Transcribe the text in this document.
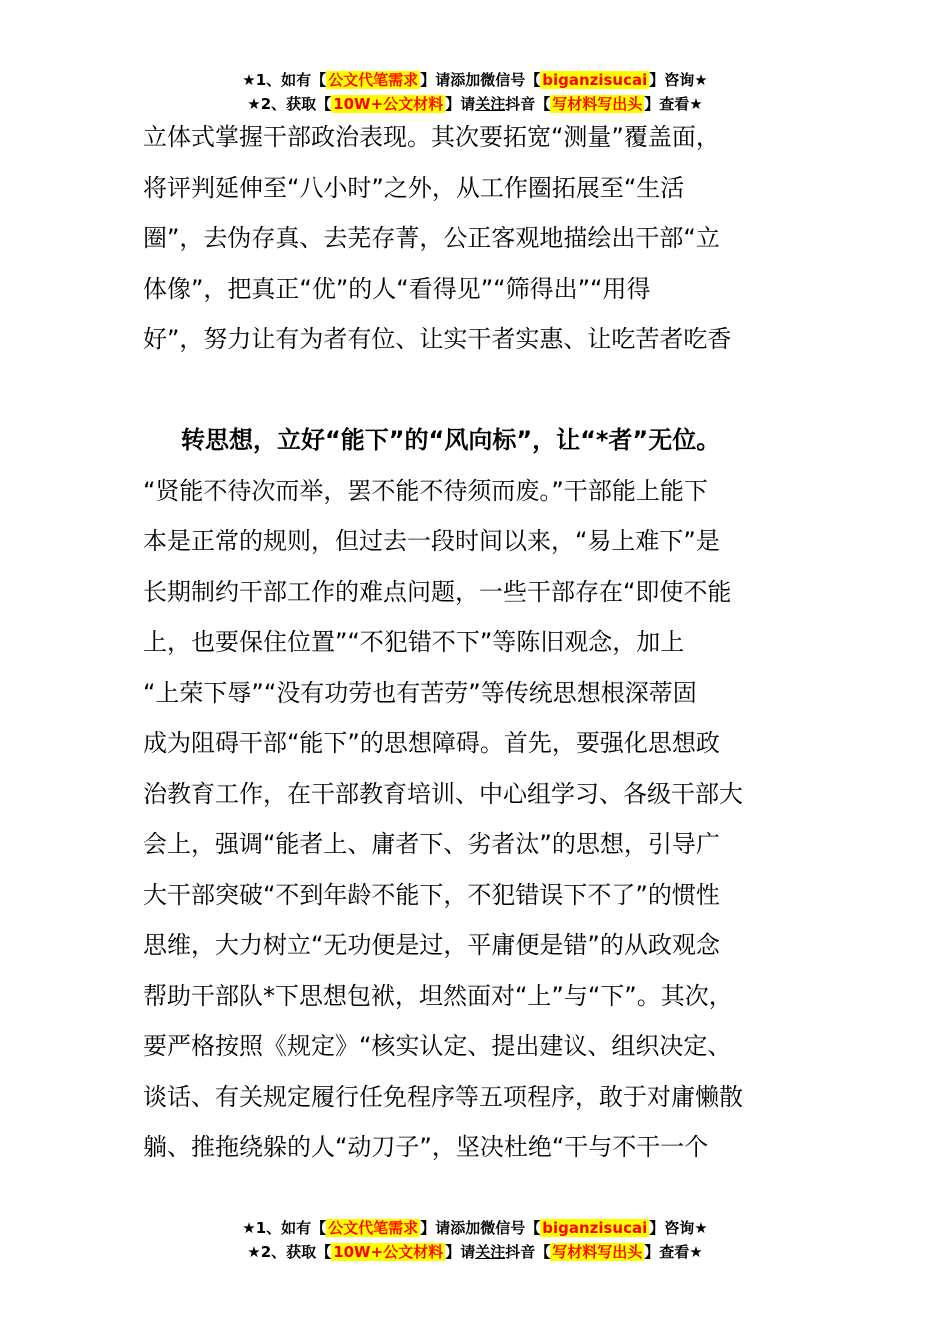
★1、如有【 公文代笔需求 】请添加微信号【 biganzisucai 】咨询★
★2、获取【 10W+公文材料 】请关注抖音【 写材料写出头 】查看★
立体式掌握干部政治表现。其次要拓宽“测量”覆盖面，
将评判延伸至“八小时”之外，从工作圈拓展至“生活
圈”，去伪存真、去芜存菁，公正客观地描绘出干部“立
体像”，把真正“优”的人“看得见”“筛得出”“用得
好”，努力让有为者有位、让实干者实惠、让吃苦者吃香
转思想，立好“能下”的“风向标”，让“*者”无位。
“贤能不待次而举，罢不能不待须而废。”干部能上能下
本是正常的规则，但过去一段时间以来，“易上难下”是
长期制约干部工作的难点问题，一些干部存在“即使不能
上，也要保住位置”“不犯错不下”等陈旧观念，加上
“上荣下辱”“没有功劳也有苦劳”等传统思想根深蒂固
成为阻碍干部“能下”的思想障碍。首先，要强化思想政
治教育工作，在干部教育培训、中心组学习、各级干部大
会上，强调“能者上、庸者下、劣者汰”的思想，引导广
大干部突破“不到年龄不能下，不犯错误下不了”的惯性
思维，大力树立“无功便是过，平庸便是错”的从政观念
帮助干部队*下思想包袱，坦然面对“上”与“下”。其次，
要严格按照《规定》“核实认定、提出建议、组织决定、
谈话、有关规定履行任免程序等五项程序，敢于对庸懒散
躺、推拖绕躲的人“动刀子”，坚决杜绝“干与不干一个
★1、如有【 公文代笔需求 】请添加微信号【 biganzisucai 】咨询★
★2、获取【 10W+公文材料 】请关注抖音【 写材料写出头 】查看★
